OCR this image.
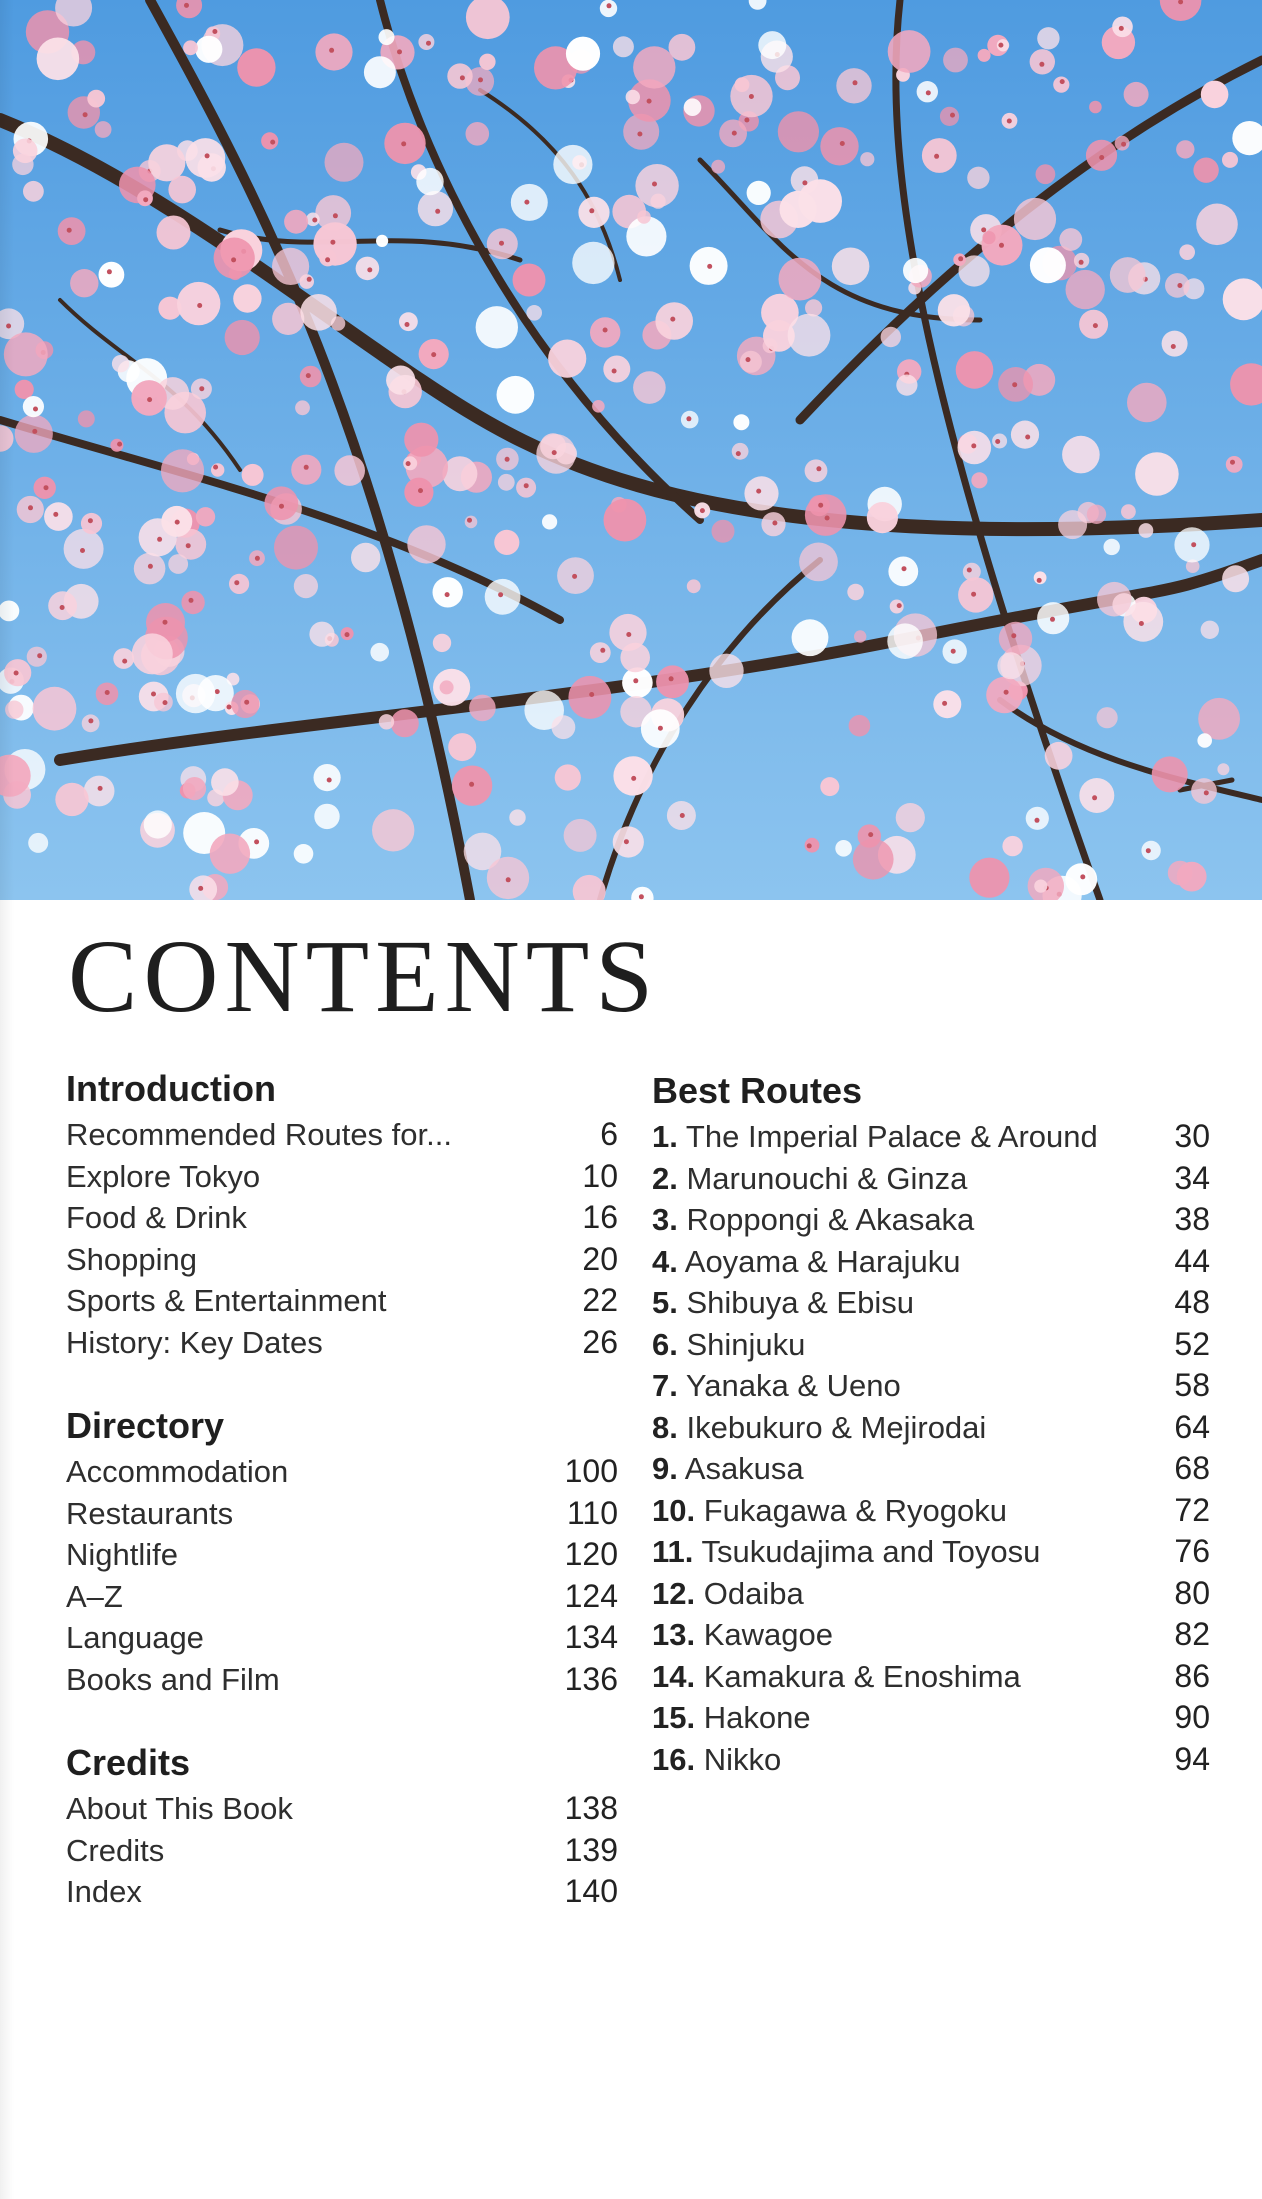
CONTENTS
Introduction
Recommended Routes for...	6
Explore Tokyo	10
Food & Drink	16
Shopping	20
Sports & Entertainment	22
History: Key Dates	26
Directory
Accommodation	100
Restaurants	110
Nightlife	120
A–Z	124
Language	134
Books and Film	136
Credits
About This Book	138
Credits	139
Index	140
Best Routes
1. The Imperial Palace & Around 30
2. Marunouchi & Ginza	34
3. Roppongi & Akasaka	38
4. Aoyama & Harajuku	44
5. Shibuya & Ebisu	48
6. Shinjuku	52
7. Yanaka & Ueno	58
8. Ikebukuro & Mejirodai	64
9. Asakusa	68
10. Fukagawa & Ryogoku	72
11. Tsukudajima and Toyosu	76
12. Odaiba	80
13. Kawagoe	82
14. Kamakura & Enoshima	86
15. Hakone	90
16. Nikko	94
